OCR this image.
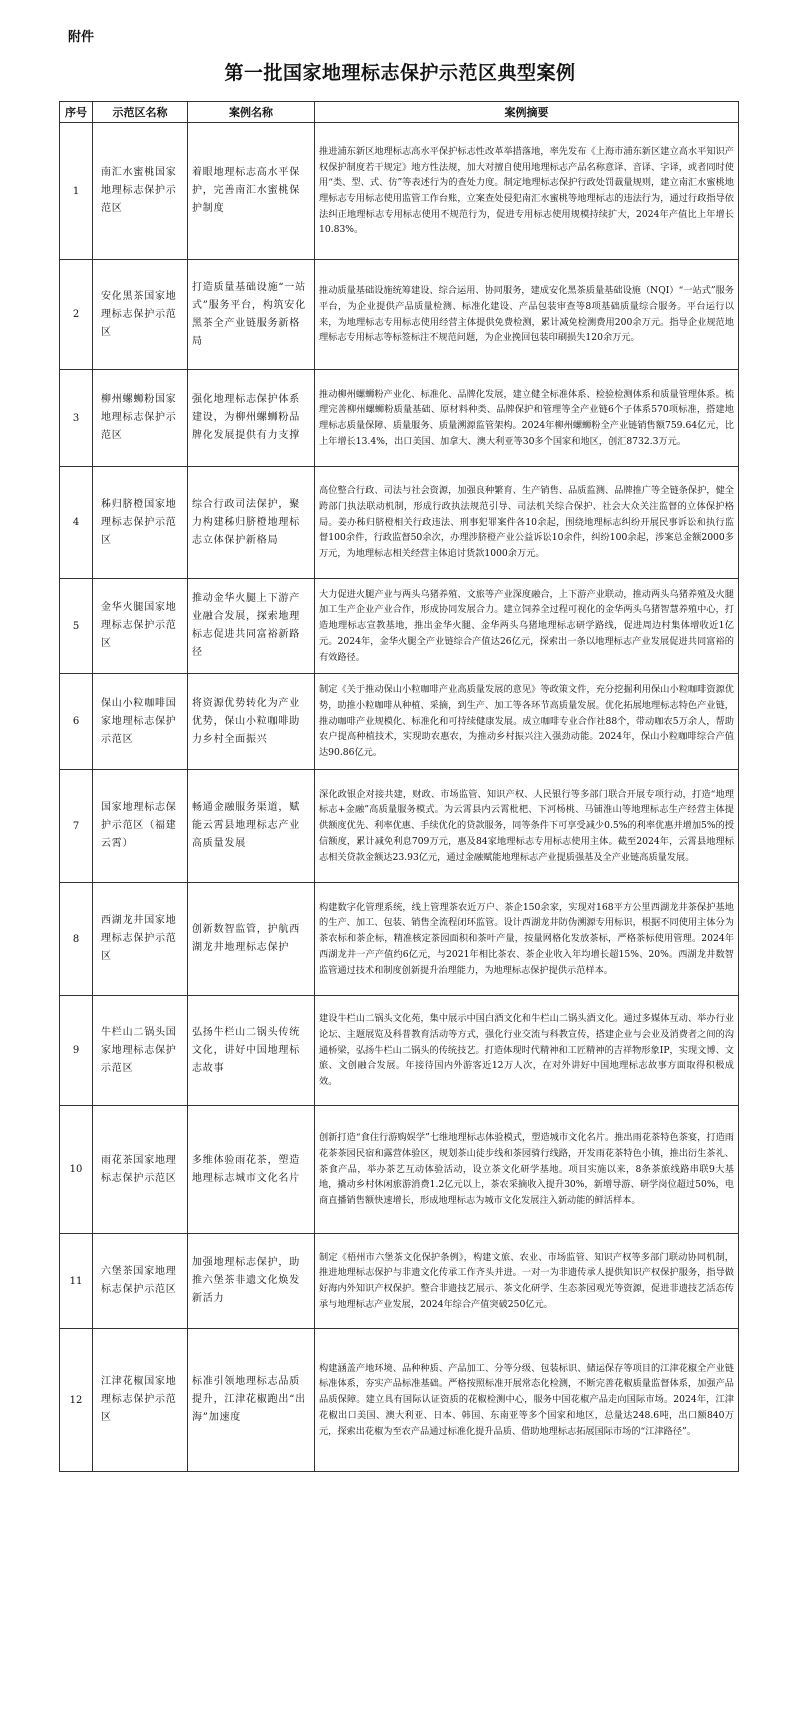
附件
第一批国家地理标志保护示范区典型案例
序号	示范区名称	案例名称	案例摘要
1	南汇水蜜桃国家地理标志保护示范区	着眼地理标志高水平保护，完善南汇水蜜桃保护制度	推进浦东新区地理标志高水平保护标志性改革举措落地，率先发布《上海市浦东新区建立高水平知识产权保护制度若干规定》地方性法规，加大对擅自使用地理标志产品名称意译、音译、字译，或者同时使用“类、型、式、仿”等表述行为的查处力度。制定地理标志保护行政处罚裁量规则，建立南汇水蜜桃地理标志专用标志使用监管工作台账，立案查处侵犯南汇水蜜桃等地理标志的违法行为，通过行政指导依法纠正地理标志专用标志使用不规范行为，促进专用标志使用规模持续扩大，2024年产值比上年增长10.83%。
2	安化黑茶国家地理标志保护示范区	打造质量基础设施“一站式”服务平台，构筑安化黑茶全产业链服务新格局	推动质量基础设施统筹建设、综合运用、协同服务，建成安化黑茶质量基础设施（NQI）“一站式”服务平台，为企业提供产品质量检测、标准化建设、产品包装审查等8项基础质量综合服务。平台运行以来，为地理标志专用标志使用经营主体提供免费检测，累计减免检测费用200余万元。指导企业规范地理标志专用标志等标签标注不规范问题，为企业挽回包装印刷损失120余万元。
3	柳州螺蛳粉国家地理标志保护示范区	强化地理标志保护体系建设，为柳州螺蛳粉品牌化发展提供有力支撑	推动柳州螺蛳粉产业化、标准化、品牌化发展，建立健全标准体系、检验检测体系和质量管理体系。梳理完善柳州螺蛳粉质量基础、原材料种类、品牌保护和管理等全产业链6个子体系570项标准，搭建地理标志质量保障、质量服务、质量溯源监管架构。2024年柳州螺蛳粉全产业链销售额759.64亿元，比上年增长13.4%，出口美国、加拿大、澳大利亚等30多个国家和地区，创汇8732.3万元。
4	秭归脐橙国家地理标志保护示范区	综合行政司法保护，聚力构建秭归脐橙地理标志立体保护新格局	高位整合行政、司法与社会资源，加强良种繁育、生产销售、品质监测、品牌推广等全链条保护，健全跨部门执法联动机制，形成行政执法规范引导、司法机关综合保护、社会大众关注监督的立体保护格局。姜办秭归脐橙相关行政违法、刑事犯罪案件各10余起，围绕地理标志纠纷开展民事诉讼和执行监督100余件，行政监督50余次，办理涉脐橙产业公益诉讼10余件，纠纷100余起，涉案总金额2000多万元，为地理标志相关经营主体追讨货款1000余万元。
5	金华火腿国家地理标志保护示范区	推动金华火腿上下游产业融合发展，探索地理标志促进共同富裕新路径	大力促进火腿产业与两头乌猪养殖、文旅等产业深度融合，上下游产业联动，推动两头乌猪养殖及火腿加工生产企业产业合作，形成协同发展合力。建立饲养全过程可视化的金华两头乌猪智慧养殖中心，打造地理标志宣教基地，推出金华火腿、金华两头乌猪地理标志研学路线，促进周边村集体增收近1亿元。2024年，金华火腿全产业链综合产值达26亿元，探索出一条以地理标志产业发展促进共同富裕的有效路径。
6	保山小粒咖啡国家地理标志保护示范区	将资源优势转化为产业优势，保山小粒咖啡助力乡村全面振兴	制定《关于推动保山小粒咖啡产业高质量发展的意见》等政策文件，充分挖掘利用保山小粒咖啡资源优势，助推小粒咖啡从种植、采摘，到生产、加工等各环节高质量发展。优化拓展地理标志特色产业链，推动咖啡产业规模化、标准化和可持续健康发展。成立咖啡专业合作社88个，带动咖农5万余人，帮助农户提高种植技术，实现助农惠农，为推动乡村振兴注入强劲动能。2024年，保山小粒咖啡综合产值达90.86亿元。
7	国家地理标志保护示范区（福建云霄）	畅通金融服务渠道，赋能云霄县地理标志产业高质量发展	深化政银企对接共建，财政、市场监管、知识产权、人民银行等多部门联合开展专项行动，打造“地理标志+金融”高质量服务模式。为云霄县内云霄枇杷、下河杨桃、马铺淮山等地理标志生产经营主体提供额度优先、利率优惠、手续优化的贷款服务，同等条件下可享受减少0.5%的利率优惠并增加5%的授信额度，累计减免利息709万元，惠及84家地理标志专用标志使用主体。截至2024年，云霄县地理标志相关贷款金额达23.93亿元，通过金融赋能地理标志产业提质强基及全产业链高质量发展。
8	西湖龙井国家地理标志保护示范区	创新数智监管，护航西湖龙井地理标志保护	构建数字化管理系统，线上管理茶农近万户、茶企150余家，实现对168平方公里西湖龙井茶保护基地的生产、加工、包装、销售全流程闭环监管。设计西湖龙井防伪溯源专用标识，根据不同使用主体分为茶农标和茶企标，精准核定茶园面积和茶叶产量，按量网格化发放茶标，严格茶标使用管理。2024年西湖龙井一产产值约6亿元，与2021年相比茶农、茶企业收入年均增长超15%、20%。西湖龙井数智监管通过技术和制度创新提升治理能力，为地理标志保护提供示范样本。
9	牛栏山二锅头国家地理标志保护示范区	弘扬牛栏山二锅头传统文化，讲好中国地理标志故事	建设牛栏山二锅头文化苑，集中展示中国白酒文化和牛栏山二锅头酒文化。通过多媒体互动、举办行业论坛、主题展览及科普教育活动等方式，强化行业交流与科教宣传，搭建企业与会业及消费者之间的沟通桥梁，弘扬牛栏山二锅头的传统技艺。打造体现时代精神和工匠精神的吉祥物形象IP，实现文博、文旅、文创融合发展。年接待国内外游客近12万人次，在对外讲好中国地理标志故事方面取得积极成效。
10	雨花茶国家地理标志保护示范区	多维体验雨花茶，塑造地理标志城市文化名片	创新打造“食住行游购娱学”七维地理标志体验模式，塑造城市文化名片。推出雨花茶特色茶宴，打造雨花茶茶园民宿和露营体验区，规划茶山徒步线和茶园骑行线路，开发雨花茶特色小镇，推出衍生茶礼、茶食产品，举办茶艺互动体验活动，设立茶文化研学基地。项目实施以来，8条茶旅线路串联9大基地，撬动乡村休闲旅游消费1.2亿元以上，茶农采摘收入提升30%，新增导游、研学岗位超过50%，电商直播销售额快速增长，形成地理标志为城市文化发展注入新动能的鲜活样本。
11	六堡茶国家地理标志保护示范区	加强地理标志保护，助推六堡茶非遗文化焕发新活力	制定《梧州市六堡茶文化保护条例》，构建文旅、农业、市场监管、知识产权等多部门联动协同机制，推进地理标志保护与非遗文化传承工作齐头并进。一对一为非遗传承人提供知识产权保护服务，指导做好海内外知识产权保护。整合非遗技艺展示、茶文化研学、生态茶园观光等资源，促进非遗技艺活态传承与地理标志产业发展，2024年综合产值突破250亿元。
12	江津花椒国家地理标志保护示范区	标准引领地理标志品质提升，江津花椒跑出“出海”加速度	构建涵盖产地环境、品种种质、产品加工、分等分级、包装标识、储运保存等项目的江津花椒全产业链标准体系，夯实产品标准基础。严格按照标准开展常态化检测，不断完善花椒质量监督体系，加强产品品质保障。建立具有国际认证资质的花椒检测中心，服务中国花椒产品走向国际市场。2024年，江津花椒出口美国、澳大利亚、日本、韩国、东南亚等多个国家和地区，总量达248.6吨，出口额840万元，探索出花椒为至农产品通过标准化提升品质、借助地理标志拓展国际市场的“江津路径”。
